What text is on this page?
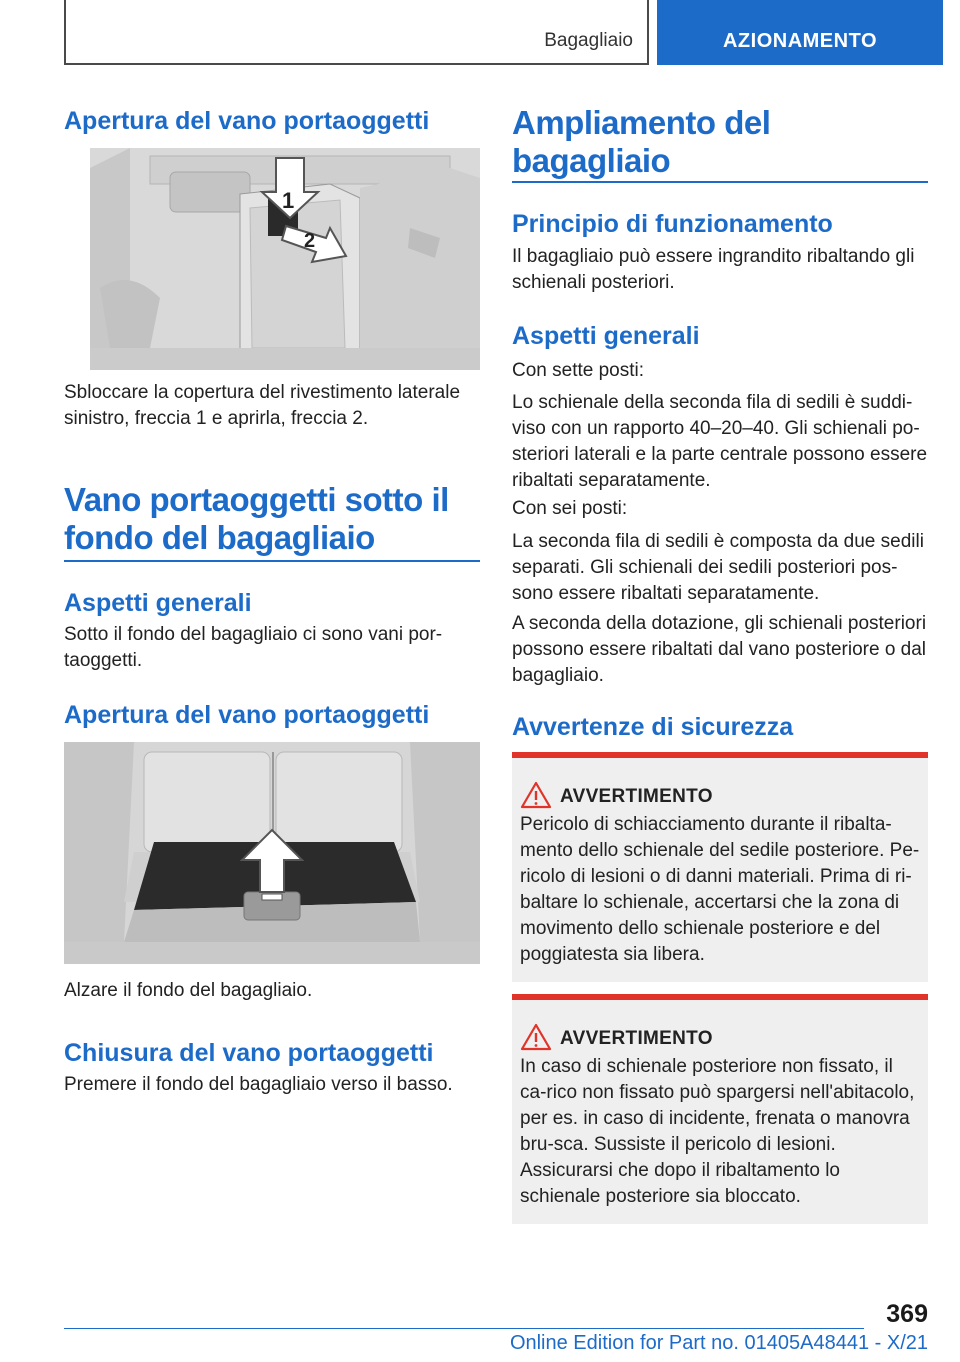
Bagagliaio	AZIONAMENTO
Apertura del vano portaoggetti
1
2
Sbloccare la copertura del rivestimento laterale sinistro, freccia 1 e aprirla, freccia 2.
Vano portaoggetti sotto il fondo del bagagliaio
Aspetti generali
Sotto il fondo del bagagliaio ci sono vani por-taoggetti.
Apertura del vano portaoggetti
Alzare il fondo del bagagliaio.
Chiusura del vano portaoggetti
Premere il fondo del bagagliaio verso il basso.
Ampliamento del bagagliaio
Principio di funzionamento
Il bagagliaio può essere ingrandito ribaltando gli schienali posteriori.
Aspetti generali
Con sette posti:
Lo schienale della seconda fila di sedili è suddi-viso con un rapporto 40–20–40. Gli schienali po-steriori laterali e la parte centrale possono essere ribaltati separatamente.
Con sei posti:
La seconda fila di sedili è composta da due sedili separati. Gli schienali dei sedili posteriori pos-sono essere ribaltati separatamente.
A seconda della dotazione, gli schienali posteriori possono essere ribaltati dal vano posteriore o dal bagagliaio.
Avvertenze di sicurezza
AVVERTIMENTO
Pericolo di schiacciamento durante il ribalta-mento dello schienale del sedile posteriore. Pe-ricolo di lesioni o di danni materiali. Prima di ri-baltare lo schienale, accertarsi che la zona di movimento dello schienale posteriore e del poggiatesta sia libera.
AVVERTIMENTO
In caso di schienale posteriore non fissato, il ca-rico non fissato può spargersi nell'abitacolo, per es. in caso di incidente, frenata o manovra bru-sca. Sussiste il pericolo di lesioni. Assicurarsi che dopo il ribaltamento lo schienale posteriore sia bloccato.
369
Online Edition for Part no. 01405A48441 - X/21
